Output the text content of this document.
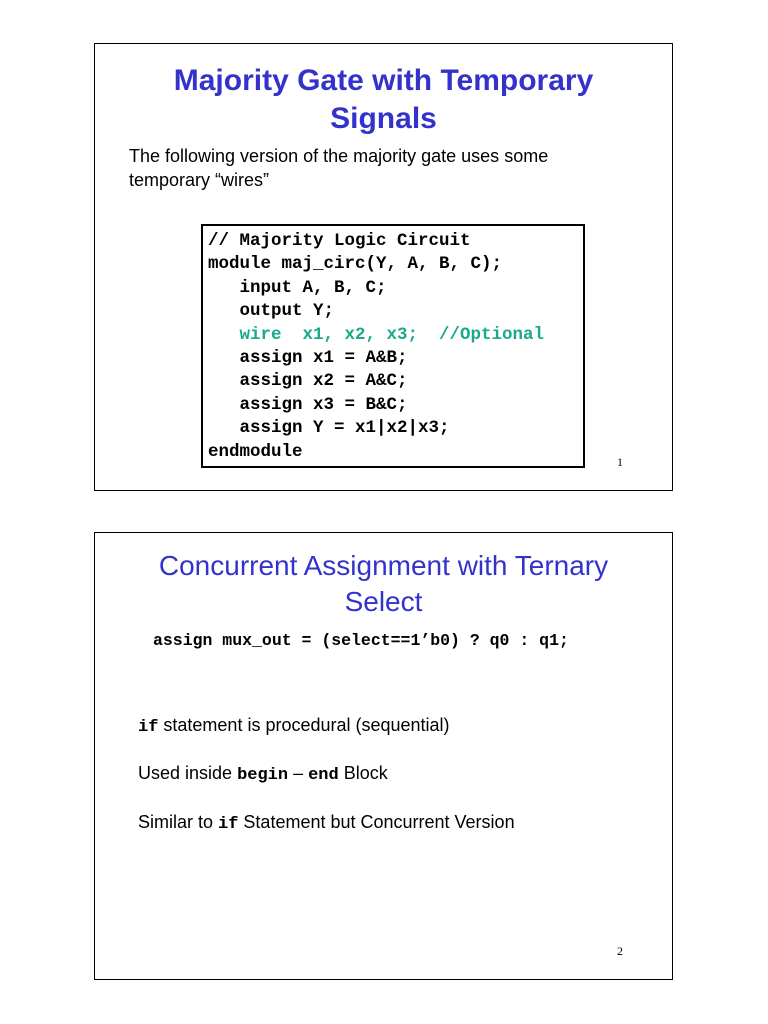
Majority Gate with Temporary
Signals
The following version of the majority gate uses some
temporary “wires”
// Majority Logic Circuit
module maj_circ(Y, A, B, C);
input A, B, C;
output Y;
wire  x1, x2, x3;  //Optional
assign x1 = A&B;
assign x2 = A&C;
assign x3 = B&C;
assign Y = x1|x2|x3;
endmodule
1
Concurrent Assignment with Ternary
Select
assign mux_out = (select==1’b0) ? q0 : q1;
if statement is procedural (sequential)
Used inside begin – end Block
Similar to if Statement but Concurrent Version
2
